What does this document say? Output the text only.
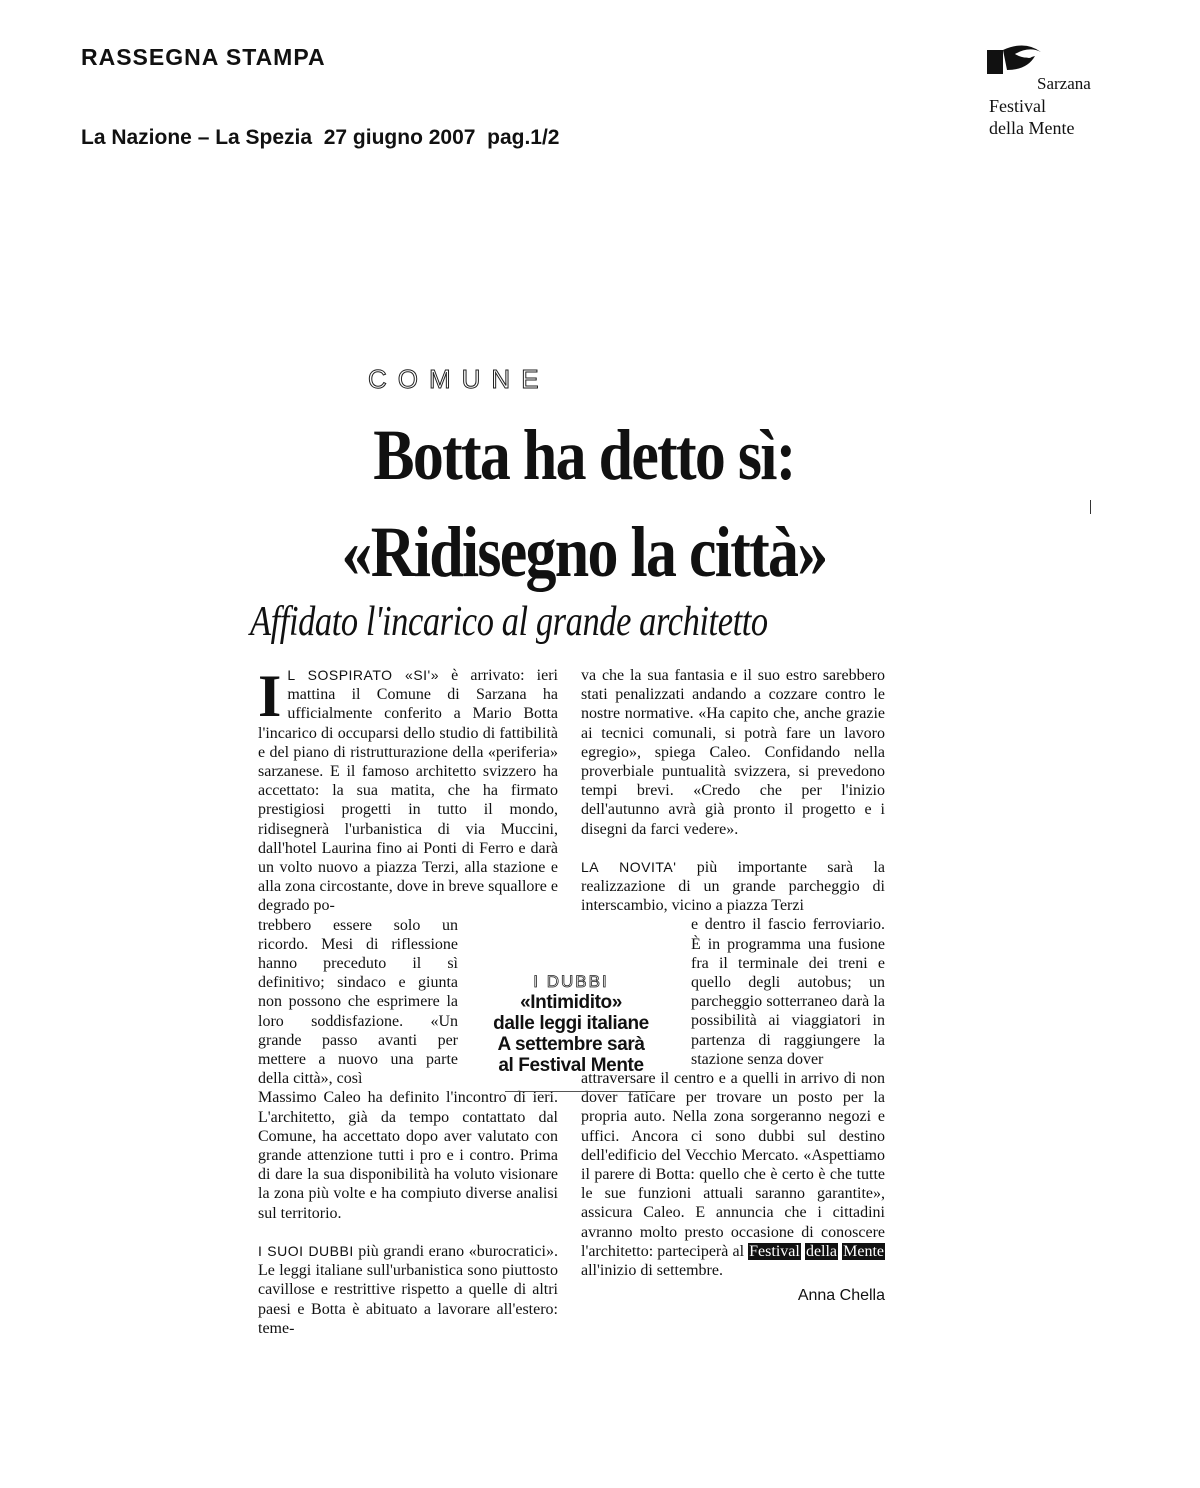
RASSEGNA STAMPA
La Nazione – La Spezia  27 giugno 2007  pag.1/2
Sarzana
Festival
della Mente
COMUNE
Botta ha detto sì:
«Ridisegno la città»
Affidato l'incarico al grande architetto

I L SOSPIRATO «SI'» è arrivato: ieri mattina il Comune di Sarzana ha ufficialmente conferito a Mario Botta l'incarico di occuparsi dello studio di fattibilità e del piano di ristrutturazione della «periferia» sarzanese. E il famoso architetto svizzero ha accettato: la sua matita, che ha firmato prestigiosi progetti in tutto il mondo, ridisegnerà l'urbanistica di via Muccini, dall'hotel Laurina fino ai Ponti di Ferro e darà un volto nuovo a piazza Terzi, alla stazione e alla zona circostante, dove in breve squallore e degrado po-

trebbero essere solo un ricordo. Mesi di riflessione hanno preceduto il sì definitivo; sindaco e giunta non possono che esprimere la loro soddisfazione. «Un grande passo avanti per mettere a nuovo una parte della città», così

Massimo Caleo ha definito l'incontro di ieri. L'architetto, già da tempo contattato dal Comune, ha accettato dopo aver valutato con grande attenzione tutti i pro e i contro. Prima di dare la sua disponibilità ha voluto visionare la zona più volte e ha compiuto diverse analisi sul territorio.

I SUOI DUBBI più grandi erano «burocratici». Le leggi italiane sull'urbanistica sono piuttosto cavillose e restrittive rispetto a quelle di altri paesi e Botta è abituato a lavorare all'estero: teme-

va che la sua fantasia e il suo estro sarebbero stati penalizzati andando a cozzare contro le nostre normative. «Ha capito che, anche grazie ai tecnici comunali, si potrà fare un lavoro egregio», spiega Caleo. Confidando nella proverbiale puntualità svizzera, si prevedono tempi brevi. «Credo che per l'inizio dell'autunno avrà già pronto il progetto e i disegni da farci vedere».

LA NOVITA' più importante sarà la realizzazione di un grande parcheggio di interscambio, vicino a piazza Terzi

e dentro il fascio ferroviario. È in programma una fusione fra il terminale dei treni e quello degli autobus; un parcheggio sotterraneo darà la possibilità ai viaggiatori in partenza di raggiungere la stazione senza dover

attraversare il centro e a quelli in arrivo di non dover faticare per trovare un posto per la propria auto. Nella zona sorgeranno negozi e uffici. Ancora ci sono dubbi sul destino dell'edificio del Vecchio Mercato. «Aspettiamo il parere di Botta: quello che è certo è che tutte le sue funzioni attuali saranno garantite», assicura Caleo. E annuncia che i cittadini avranno molto presto occasione di conoscere l'architetto: parteciperà al Festival della Mente all'inizio di settembre.

Anna Chella
I DUBBI
«Intimidito»
dalle leggi italiane
A settembre sarà
al Festival Mente
